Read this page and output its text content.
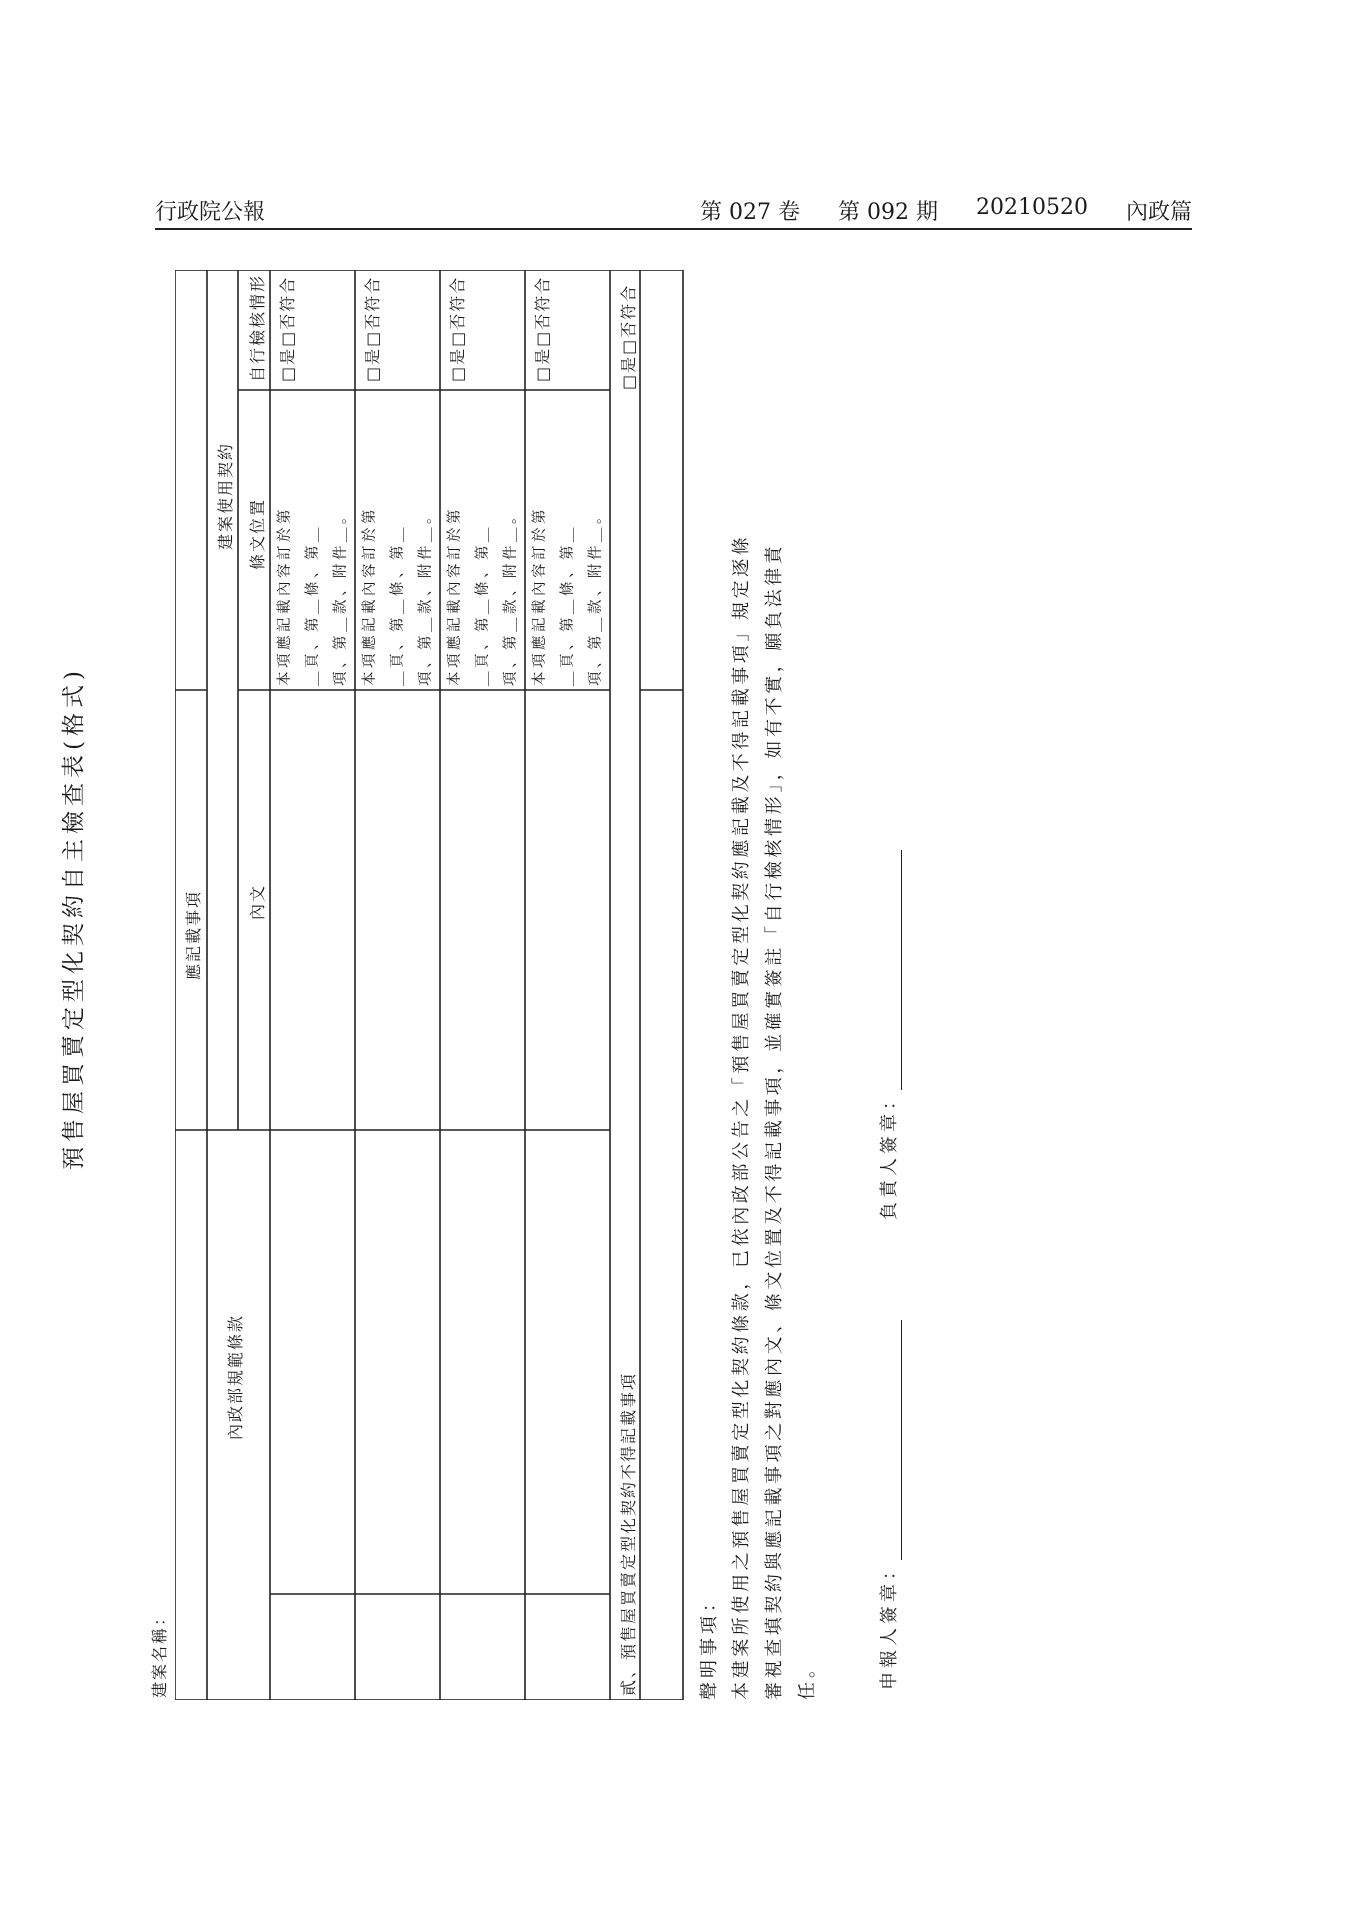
行政院公報	第 027 卷 第 092 期 20210520 內政篇
預售屋買賣定型化契約自主檢查表(格式)
建案名稱：
內政部規範條款
應記載事項
建案使用契約
內文
條文位置
自行檢核情形
本項應記載內容訂於第 ＿頁、第＿條、第＿ 項、第＿款、附件＿。
□是□否符合
本項應記載內容訂於第 ＿頁、第＿條、第＿ 項、第＿款、附件＿。
□是□否符合
本項應記載內容訂於第 ＿頁、第＿條、第＿ 項、第＿款、附件＿。
□是□否符合
本項應記載內容訂於第 ＿頁、第＿條、第＿ 項、第＿款、附件＿。
□是□否符合
貳、預售屋買賣定型化契約不得記載事項
□是□否符合
聲明事項： 本建案所使用之預售屋買賣定型化契約條款，已依內政部公告之「預售屋買賣定型化契約應記載及不得記載事項」規定逐條 審視查填契約與應記載事項之對應內文、條文位置及不得記載事項，並確實簽註「自行檢核情形」，如有不實，願負法律責 任。	申報人簽章：
負責人簽章：
